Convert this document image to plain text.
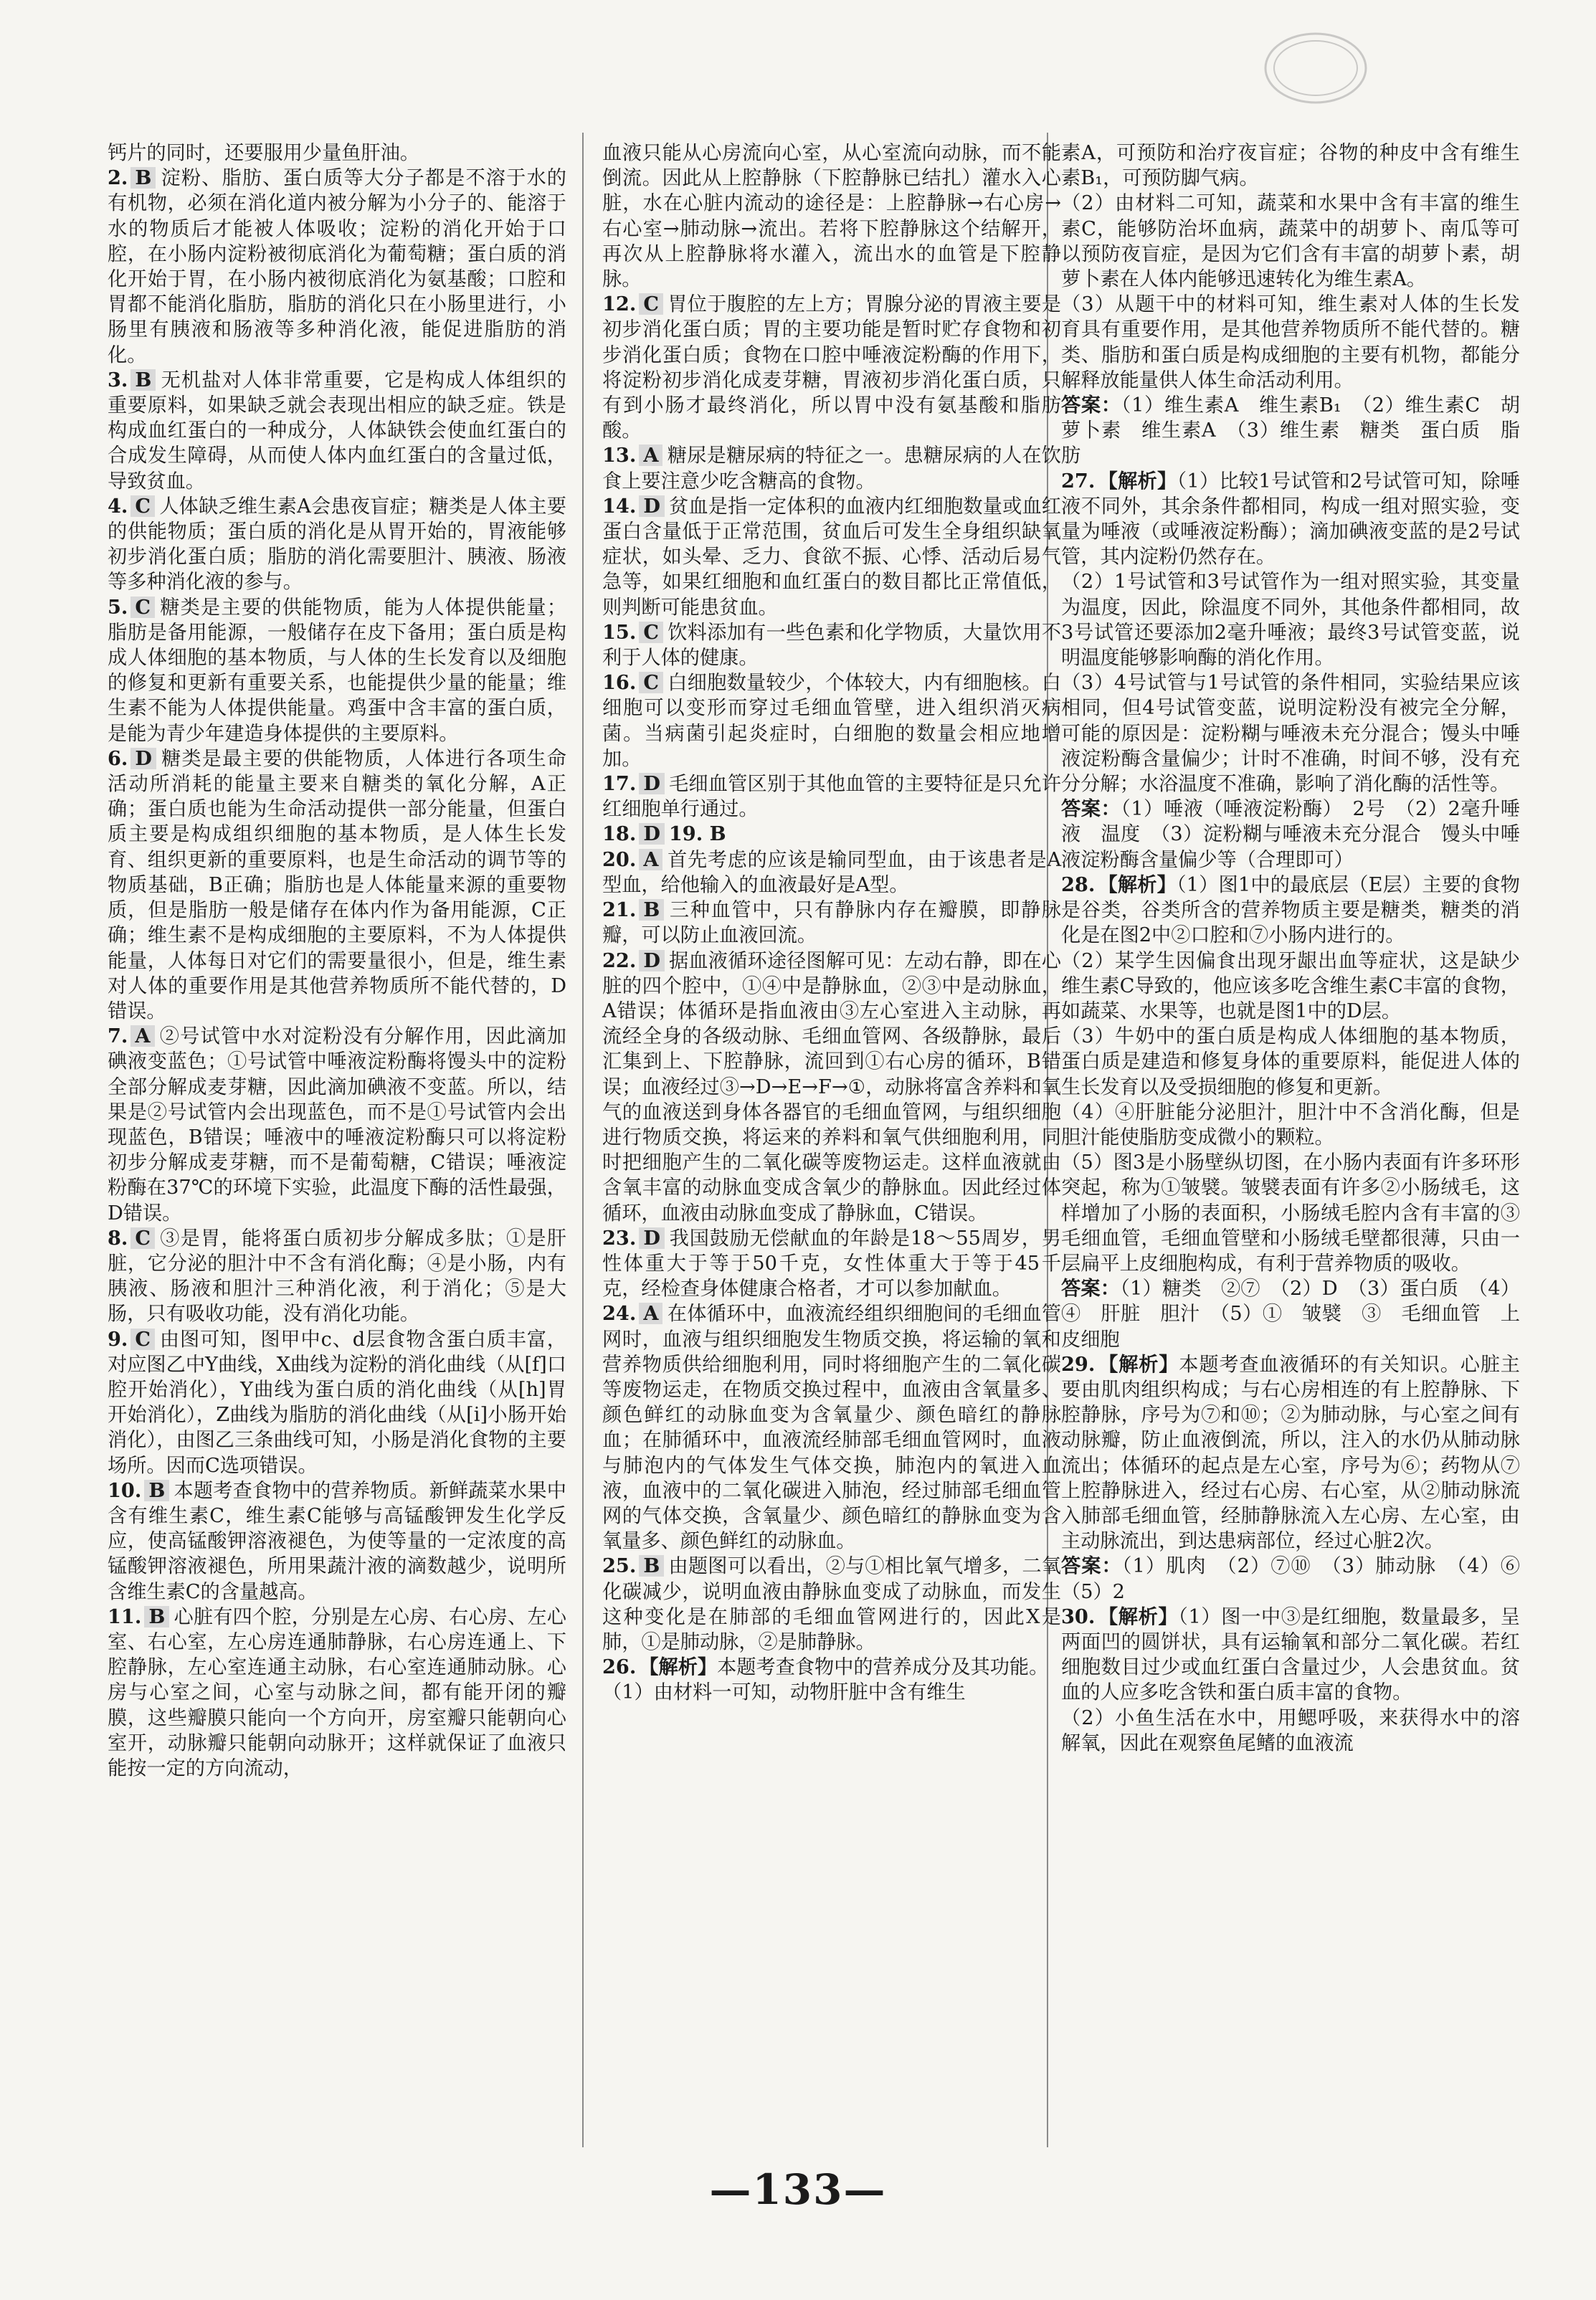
钙片的同时，还要服用少量鱼肝油。

2. B 淀粉、脂肪、蛋白质等大分子都是不溶于水的有机物，必须在消化道内被分解为小分子的、能溶于水的物质后才能被人体吸收；淀粉的消化开始于口腔，在小肠内淀粉被彻底消化为葡萄糖；蛋白质的消化开始于胃，在小肠内被彻底消化为氨基酸；口腔和胃都不能消化脂肪，脂肪的消化只在小肠里进行，小肠里有胰液和肠液等多种消化液，能促进脂肪的消化。

3. B 无机盐对人体非常重要，它是构成人体组织的重要原料，如果缺乏就会表现出相应的缺乏症。铁是构成血红蛋白的一种成分，人体缺铁会使血红蛋白的合成发生障碍，从而使人体内血红蛋白的含量过低，导致贫血。

4. C 人体缺乏维生素A会患夜盲症；糖类是人体主要的供能物质；蛋白质的消化是从胃开始的，胃液能够初步消化蛋白质；脂肪的消化需要胆汁、胰液、肠液等多种消化液的参与。

5. C 糖类是主要的供能物质，能为人体提供能量；脂肪是备用能源，一般储存在皮下备用；蛋白质是构成人体细胞的基本物质，与人体的生长发育以及细胞的修复和更新有重要关系，也能提供少量的能量；维生素不能为人体提供能量。鸡蛋中含丰富的蛋白质，是能为青少年建造身体提供的主要原料。

6. D 糖类是最主要的供能物质，人体进行各项生命活动所消耗的能量主要来自糖类的氧化分解，A正确；蛋白质也能为生命活动提供一部分能量，但蛋白质主要是构成组织细胞的基本物质，是人体生长发育、组织更新的重要原料，也是生命活动的调节等的物质基础，B正确；脂肪也是人体能量来源的重要物质，但是脂肪一般是储存在体内作为备用能源，C正确；维生素不是构成细胞的主要原料，不为人体提供能量，人体每日对它们的需要量很小，但是，维生素对人体的重要作用是其他营养物质所不能代替的，D错误。

7. A ②号试管中水对淀粉没有分解作用，因此滴加碘液变蓝色；①号试管中唾液淀粉酶将馒头中的淀粉全部分解成麦芽糖，因此滴加碘液不变蓝。所以，结果是②号试管内会出现蓝色，而不是①号试管内会出现蓝色，B错误；唾液中的唾液淀粉酶只可以将淀粉初步分解成麦芽糖，而不是葡萄糖，C错误；唾液淀粉酶在37℃的环境下实验，此温度下酶的活性最强，D错误。

8. C ③是胃，能将蛋白质初步分解成多肽；①是肝脏，它分泌的胆汁中不含有消化酶；④是小肠，内有胰液、肠液和胆汁三种消化液，利于消化；⑤是大肠，只有吸收功能，没有消化功能。

9. C 由图可知，图甲中c、d层食物含蛋白质丰富，对应图乙中Y曲线，X曲线为淀粉的消化曲线（从[f]口腔开始消化），Y曲线为蛋白质的消化曲线（从[h]胃开始消化），Z曲线为脂肪的消化曲线（从[i]小肠开始消化），由图乙三条曲线可知，小肠是消化食物的主要场所。因而C选项错误。

10. B 本题考查食物中的营养物质。新鲜蔬菜水果中含有维生素C，维生素C能够与高锰酸钾发生化学反应，使高锰酸钾溶液褪色，为使等量的一定浓度的高锰酸钾溶液褪色，所用果蔬汁液的滴数越少，说明所含维生素C的含量越高。

11. B 心脏有四个腔，分别是左心房、右心房、左心室、右心室，左心房连通肺静脉，右心房连通上、下腔静脉，左心室连通主动脉，右心室连通肺动脉。心房与心室之间，心室与动脉之间，都有能开闭的瓣膜，这些瓣膜只能向一个方向开，房室瓣只能朝向心室开，动脉瓣只能朝向动脉开；这样就保证了血液只能按一定的方向流动，

血液只能从心房流向心室，从心室流向动脉，而不能倒流。因此从上腔静脉（下腔静脉已结扎）灌水入心脏，水在心脏内流动的途径是：上腔静脉→右心房→右心室→肺动脉→流出。若将下腔静脉这个结解开，再次从上腔静脉将水灌入，流出水的血管是下腔静脉。

12. C 胃位于腹腔的左上方；胃腺分泌的胃液主要是初步消化蛋白质；胃的主要功能是暂时贮存食物和初步消化蛋白质；食物在口腔中唾液淀粉酶的作用下，将淀粉初步消化成麦芽糖，胃液初步消化蛋白质，只有到小肠才最终消化，所以胃中没有氨基酸和脂肪酸。

13. A 糖尿是糖尿病的特征之一。患糖尿病的人在饮食上要注意少吃含糖高的食物。

14. D 贫血是指一定体积的血液内红细胞数量或血红蛋白含量低于正常范围，贫血后可发生全身组织缺氧症状，如头晕、乏力、食欲不振、心悸、活动后易气急等，如果红细胞和血红蛋白的数目都比正常值低，则判断可能患贫血。

15. C 饮料添加有一些色素和化学物质，大量饮用不利于人体的健康。

16. C 白细胞数量较少，个体较大，内有细胞核。白细胞可以变形而穿过毛细血管壁，进入组织消灭病菌。当病菌引起炎症时，白细胞的数量会相应地增加。

17. D 毛细血管区别于其他血管的主要特征是只允许红细胞单行通过。

18. D 19. B

20. A 首先考虑的应该是输同型血，由于该患者是A型血，给他输入的血液最好是A型。

21. B 三种血管中，只有静脉内存在瓣膜，即静脉瓣，可以防止血液回流。

22. D 据血液循环途径图解可见：左动右静，即在心脏的四个腔中，①④中是静脉血，②③中是动脉血，A错误；体循环是指血液由③左心室进入主动脉，再流经全身的各级动脉、毛细血管网、各级静脉，最后汇集到上、下腔静脉，流回到①右心房的循环，B错误；血液经过③→D→E→F→①，动脉将富含养料和氧气的血液送到身体各器官的毛细血管网，与组织细胞进行物质交换，将运来的养料和氧气供细胞利用，同时把细胞产生的二氧化碳等废物运走。这样血液就由含氧丰富的动脉血变成含氧少的静脉血。因此经过体循环，血液由动脉血变成了静脉血，C错误。

23. D 我国鼓励无偿献血的年龄是18～55周岁，男性体重大于等于50千克，女性体重大于等于45千克，经检查身体健康合格者，才可以参加献血。

24. A 在体循环中，血液流经组织细胞间的毛细血管网时，血液与组织细胞发生物质交换，将运输的氧和营养物质供给细胞利用，同时将细胞产生的二氧化碳等废物运走，在物质交换过程中，血液由含氧量多、颜色鲜红的动脉血变为含氧量少、颜色暗红的静脉血；在肺循环中，血液流经肺部毛细血管网时，血液与肺泡内的气体发生气体交换，肺泡内的氧进入血液，血液中的二氧化碳进入肺泡，经过肺部毛细血管网的气体交换，含氧量少、颜色暗红的静脉血变为含氧量多、颜色鲜红的动脉血。

25. B 由题图可以看出，②与①相比氧气增多，二氧化碳减少，说明血液由静脉血变成了动脉血，而发生这种变化是在肺部的毛细血管网进行的，因此X是肺，①是肺动脉，②是肺静脉。

26. 【解析】本题考查食物中的营养成分及其功能。

（1）由材料一可知，动物肝脏中含有维生

素A，可预防和治疗夜盲症；谷物的种皮中含有维生素B₁，可预防脚气病。

（2）由材料二可知，蔬菜和水果中含有丰富的维生素C，能够防治坏血病，蔬菜中的胡萝卜、南瓜等可以预防夜盲症，是因为它们含有丰富的胡萝卜素，胡萝卜素在人体内能够迅速转化为维生素A。

（3）从题干中的材料可知，维生素对人体的生长发育具有重要作用，是其他营养物质所不能代替的。糖类、脂肪和蛋白质是构成细胞的主要有机物，都能分解释放能量供人体生命活动利用。

答案：（1）维生素A　维生素B₁　（2）维生素C　胡萝卜素　维生素A　（3）维生素　糖类　蛋白质　脂肪

27. 【解析】（1）比较1号试管和2号试管可知，除唾液不同外，其余条件都相同，构成一组对照实验，变量为唾液（或唾液淀粉酶）；滴加碘液变蓝的是2号试管，其内淀粉仍然存在。

（2）1号试管和3号试管作为一组对照实验，其变量为温度，因此，除温度不同外，其他条件都相同，故3号试管还要添加2毫升唾液；最终3号试管变蓝，说明温度能够影响酶的消化作用。

（3）4号试管与1号试管的条件相同，实验结果应该相同，但4号试管变蓝，说明淀粉没有被完全分解，可能的原因是：淀粉糊与唾液未充分混合；馒头中唾液淀粉酶含量偏少；计时不准确，时间不够，没有充分分解；水浴温度不准确，影响了消化酶的活性等。

答案：（1）唾液（唾液淀粉酶）　2号　（2）2毫升唾液　温度　（3）淀粉糊与唾液未充分混合　馒头中唾液淀粉酶含量偏少等（合理即可）

28. 【解析】（1）图1中的最底层（E层）主要的食物是谷类，谷类所含的营养物质主要是糖类，糖类的消化是在图2中②口腔和⑦小肠内进行的。

（2）某学生因偏食出现牙龈出血等症状，这是缺少维生素C导致的，他应该多吃含维生素C丰富的食物，如蔬菜、水果等，也就是图1中的D层。

（3）牛奶中的蛋白质是构成人体细胞的基本物质，蛋白质是建造和修复身体的重要原料，能促进人体的生长发育以及受损细胞的修复和更新。

（4）④肝脏能分泌胆汁，胆汁中不含消化酶，但是胆汁能使脂肪变成微小的颗粒。

（5）图3是小肠壁纵切图，在小肠内表面有许多环形突起，称为①皱襞。皱襞表面有许多②小肠绒毛，这样增加了小肠的表面积，小肠绒毛腔内含有丰富的③毛细血管，毛细血管壁和小肠绒毛壁都很薄，只由一层扁平上皮细胞构成，有利于营养物质的吸收。

答案：（1）糖类　②⑦　（2）D　（3）蛋白质　（4）④　肝脏　胆汁　（5）①　皱襞　③　毛细血管　上皮细胞

29. 【解析】本题考查血液循环的有关知识。心脏主要由肌肉组织构成；与右心房相连的有上腔静脉、下腔静脉，序号为⑦和⑩；②为肺动脉，与心室之间有动脉瓣，防止血液倒流，所以，注入的水仍从肺动脉流出；体循环的起点是左心室，序号为⑥；药物从⑦上腔静脉进入，经过右心房、右心室，从②肺动脉流入肺部毛细血管，经肺静脉流入左心房、左心室，由主动脉流出，到达患病部位，经过心脏2次。

答案：（1）肌肉　（2）⑦⑩　（3）肺动脉　（4）⑥　（5）2

30. 【解析】（1）图一中③是红细胞，数量最多，呈两面凹的圆饼状，具有运输氧和部分二氧化碳。若红细胞数目过少或血红蛋白含量过少，人会患贫血。贫血的人应多吃含铁和蛋白质丰富的食物。

（2）小鱼生活在水中，用鳃呼吸，来获得水中的溶解氧，因此在观察鱼尾鳍的血液流

—133—
